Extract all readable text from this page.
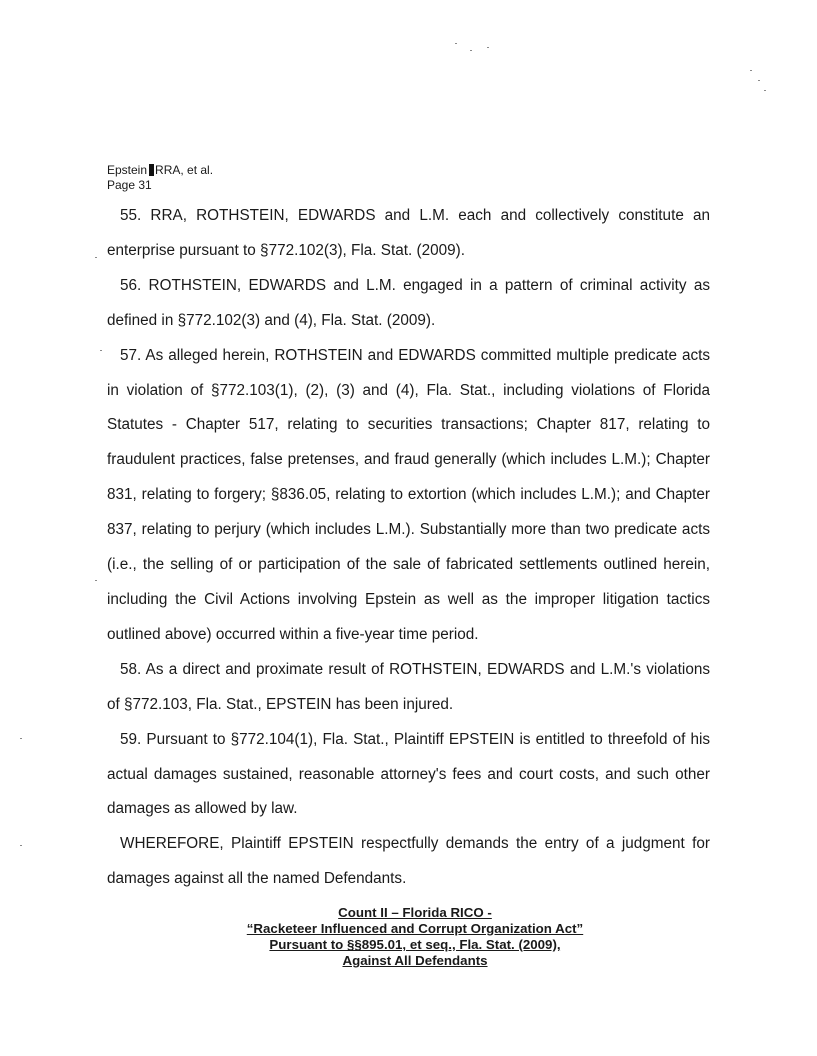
Epstein RRA, et al.
Page 31

55. RRA, ROTHSTEIN, EDWARDS and L.M. each and collectively constitute an enterprise pursuant to §772.102(3), Fla. Stat. (2009).

56. ROTHSTEIN, EDWARDS and L.M. engaged in a pattern of criminal activity as defined in §772.102(3) and (4), Fla. Stat. (2009).

57. As alleged herein, ROTHSTEIN and EDWARDS committed multiple predicate acts in violation of §772.103(1), (2), (3) and (4), Fla. Stat., including violations of Florida Statutes - Chapter 517, relating to securities transactions; Chapter 817, relating to fraudulent practices, false pretenses, and fraud generally (which includes L.M.); Chapter 831, relating to forgery; §836.05, relating to extortion (which includes L.M.); and Chapter 837, relating to perjury (which includes L.M.). Substantially more than two predicate acts (i.e., the selling of or participation of the sale of fabricated settlements outlined herein, including the Civil Actions involving Epstein as well as the improper litigation tactics outlined above) occurred within a five-year time period.

58. As a direct and proximate result of ROTHSTEIN, EDWARDS and L.M.'s violations of §772.103, Fla. Stat., EPSTEIN has been injured.

59. Pursuant to §772.104(1), Fla. Stat., Plaintiff EPSTEIN is entitled to threefold of his actual damages sustained, reasonable attorney's fees and court costs, and such other damages as allowed by law.

WHEREFORE, Plaintiff EPSTEIN respectfully demands the entry of a judgment for damages against all the named Defendants.

Count II – Florida RICO -
“Racketeer Influenced and Corrupt Organization Act”
Pursuant to §§895.01, et seq., Fla. Stat. (2009),
Against All Defendants
